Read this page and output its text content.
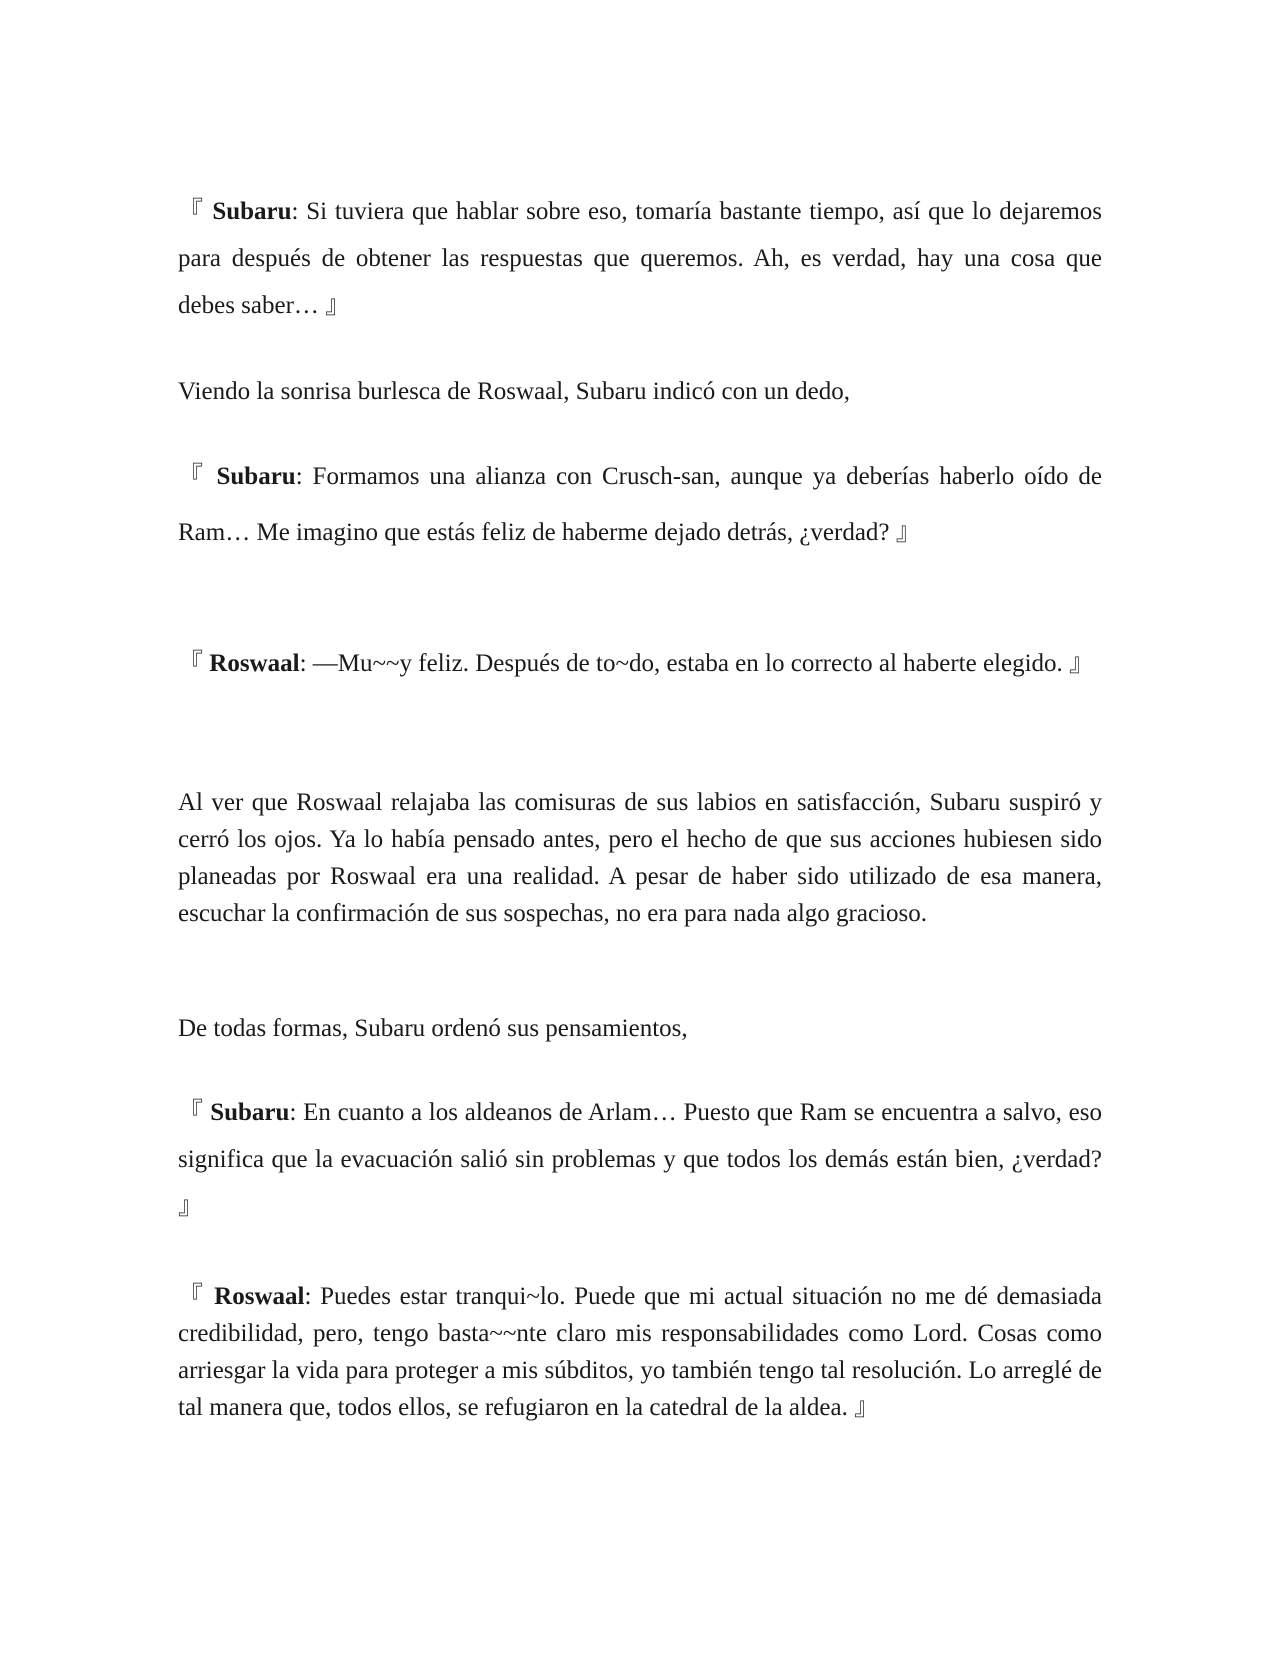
『 Subaru: Si tuviera que hablar sobre eso, tomaría bastante tiempo, así que lo dejaremos para después de obtener las respuestas que queremos. Ah, es verdad, hay una cosa que debes saber… 』

Viendo la sonrisa burlesca de Roswaal, Subaru indicó con un dedo,

『 Subaru: Formamos una alianza con Crusch-san, aunque ya deberías haberlo oído de Ram… Me imagino que estás feliz de haberme dejado detrás, ¿verdad? 』

『 Roswaal: —Mu~~y feliz. Después de to~do, estaba en lo correcto al haberte elegido. 』

Al ver que Roswaal relajaba las comisuras de sus labios en satisfacción, Subaru suspiró y cerró los ojos. Ya lo había pensado antes, pero el hecho de que sus acciones hubiesen sido planeadas por Roswaal era una realidad. A pesar de haber sido utilizado de esa manera, escuchar la confirmación de sus sospechas, no era para nada algo gracioso.

De todas formas, Subaru ordenó sus pensamientos,

『 Subaru: En cuanto a los aldeanos de Arlam… Puesto que Ram se encuentra a salvo, eso significa que la evacuación salió sin problemas y que todos los demás están bien, ¿verdad? 』

『 Roswaal: Puedes estar tranqui~lo. Puede que mi actual situación no me dé demasiada credibilidad, pero, tengo basta~~nte claro mis responsabilidades como Lord. Cosas como arriesgar la vida para proteger a mis súbditos, yo también tengo tal resolución. Lo arreglé de tal manera que, todos ellos, se refugiaron en la catedral de la aldea. 』
